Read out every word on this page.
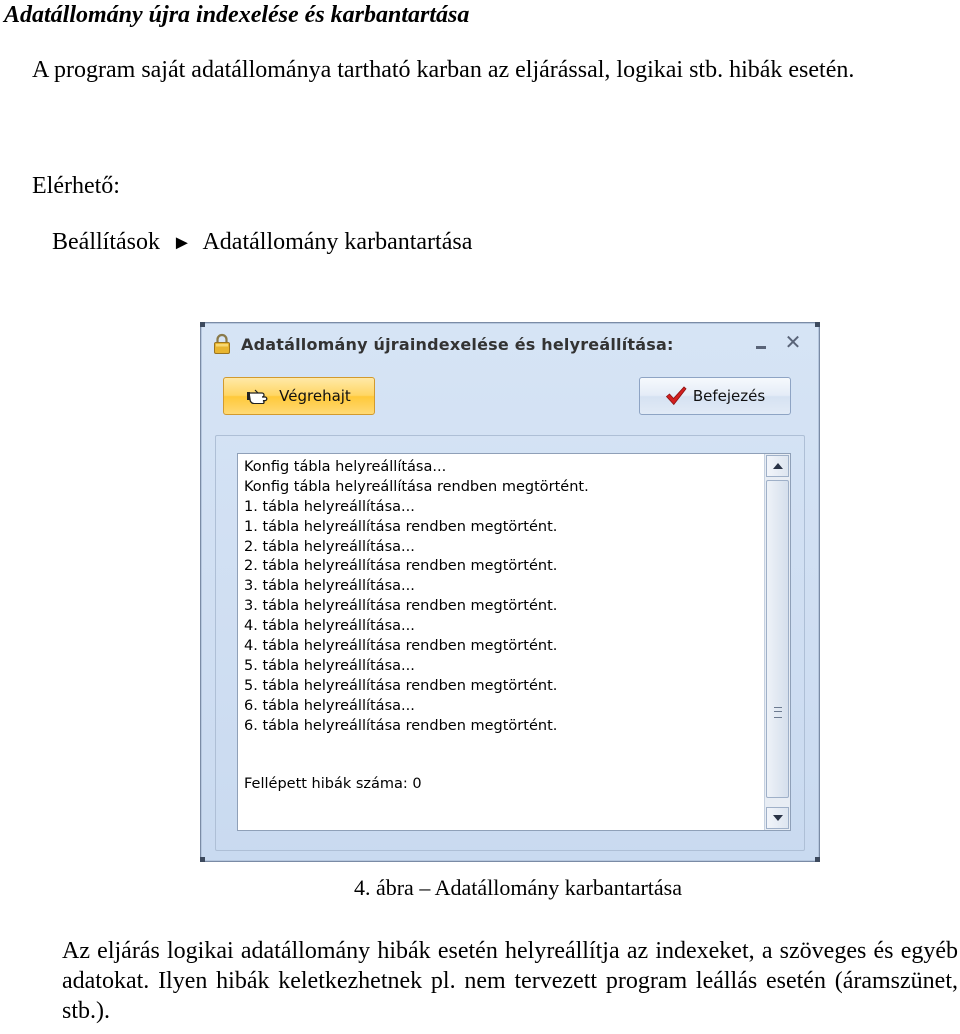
Adatállomány újra indexelése és karbantartása

A program saját adatállománya tartható karban az eljárással, logikai stb. hibák esetén.

Elérhető:

Beállítások ► Adatállomány karbantartása

Adatállomány újraindexelése és helyreállítása:	✕
Végrehajt	Befejezés
Konfig tábla helyreállítása...
Konfig tábla helyreállítása rendben megtörtént.
1. tábla helyreállítása...
1. tábla helyreállítása rendben megtörtént.
2. tábla helyreállítása...
2. tábla helyreállítása rendben megtörtént.
3. tábla helyreállítása...
3. tábla helyreállítása rendben megtörtént.
4. tábla helyreállítása...
4. tábla helyreállítása rendben megtörtént.
5. tábla helyreállítása...
5. tábla helyreállítása rendben megtörtént.
6. tábla helyreállítása...
6. tábla helyreállítása rendben megtörtént.
Fellépett hibák száma: 0
4. ábra – Adatállomány karbantartása

Az eljárás logikai adatállomány hibák esetén helyreállítja az indexeket, a szöveges és egyéb adatokat. Ilyen hibák keletkezhetnek pl. nem tervezett program leállás esetén (áramszünet, stb.).
